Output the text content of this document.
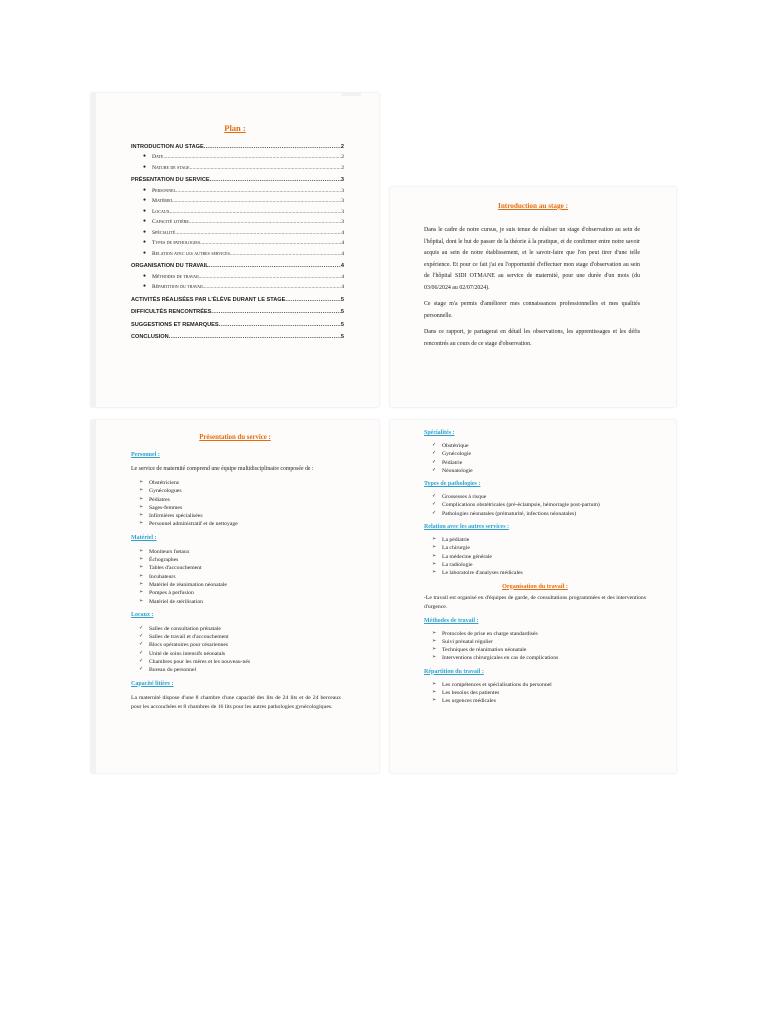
Plan :
INTRODUCTION AU STAGE .....	2
●	Date .....	2
●	Nature de stage .....	2
PRÉSENTATION DU SERVICE .....	3
●	Personnel .....	3
●	Matériel .....	3
●	Locaux .....	3
●	Capacité litière .....	3
●	Spécialité .....	4
●	Types de pathologies .....	4
●	Relation avec les autres services .....	4
ORGANISATION DU TRAVAIL .....	4
●	Méthodes de travail .....	4
●	Répartition du travail .....	4
ACTIVITÉS RÉALISÉES PAR L'ÉLÈVE DURANT LE STAGE .....	5
DIFFICULTÉS RENCONTRÉES .....	5
SUGGESTIONS ET REMARQUES .....	5
CONCLUSION .....	5
Introduction au stage :

Dans le cadre de notre cursus, je suis tenue de réaliser un stage d'observation au sein de l'hôpital, dont le but de passer de la théorie à la pratique, et de confirmer entre notre savoir acquis au sein de notre établissement, et le savoir-faire que l'on peut tirer d'une telle expérience. Et pour ce fait j'ai eu l'opportunité d'effectuer mon stage d'observation au sein de l'hôpital SIDI OTMANE au service de maternité, pour une durée d'un mois (du 03/06/2024 au 02/07/2024).

Ce stage m'a permis d'améliorer mes connaissances professionnelles et mes qualités personnelle.

Dans ce rapport, je partagerai en détail les observations, les apprentissages et les défis rencontrés au cours de ce stage d'observation.

Présentation du service :
Personnel :

Le service de maternité comprend une équipe multidisciplinaire composée de :

➢	Obstétriciens
➢	Gynécologues
➢	Pédiatres
➢	Sages-femmes
➢	Infirmières spécialisées
➢	Personnel administratif et de nettoyage
Matériel :
➢	Moniteurs fœtaux
➢	Échographes
➢	Tables d'accouchement
➢	Incubateurs
➢	Matériel de réanimation néonatale
➢	Pompes à perfusion
➢	Matériel de stérilisation
Locaux :
✓	Salles de consultation prénatale
✓	Salles de travail et d'accouchement
✓	Blocs opératoires pour césariennes
✓	Unité de soins intensifs néonatals
✓	Chambres pour les mères et les nouveau-nés
✓	Bureau du personnel
Capacité litière :

La maternité dispose d'une 8 chambre d'une capacité des lits de 24 lits et de 24 berceaux pour les accouchées et 8 chambres de 16 lits pour les autres pathologies gynécologiques.

Spécialités :
✓	Obstétrique
✓	Gynécologie
✓	Pédiatrie
✓	Néonatologie
Types de pathologies :
✓	Grossesses à risque
✓	Complications obstétricales (pré-éclampsie, hémorragie post-partum)
✓	Pathologies néonatales (prématurité, infections néonatales)
Relation avec les autres services :
➢	La pédiatrie
➢	La chirurgie
➢	La médecine générale
➢	La radiologie
➢	Le laboratoire d'analyses médicales
Organisation du travail :

-Le travail est organisé en d'équipes de garde, de consultations programmées et des interventions d'urgence.

Méthodes de travail :
➢	Protocoles de prise en charge standardisés
➢	Suivi prénatal régulier
➢	Techniques de réanimation néonatale
➢	Interventions chirurgicales en cas de complications
Répartition du travail :
➢	Les compétences et spécialisations du personnel
➢	Les besoins des patientes
➢	Les urgences médicales
